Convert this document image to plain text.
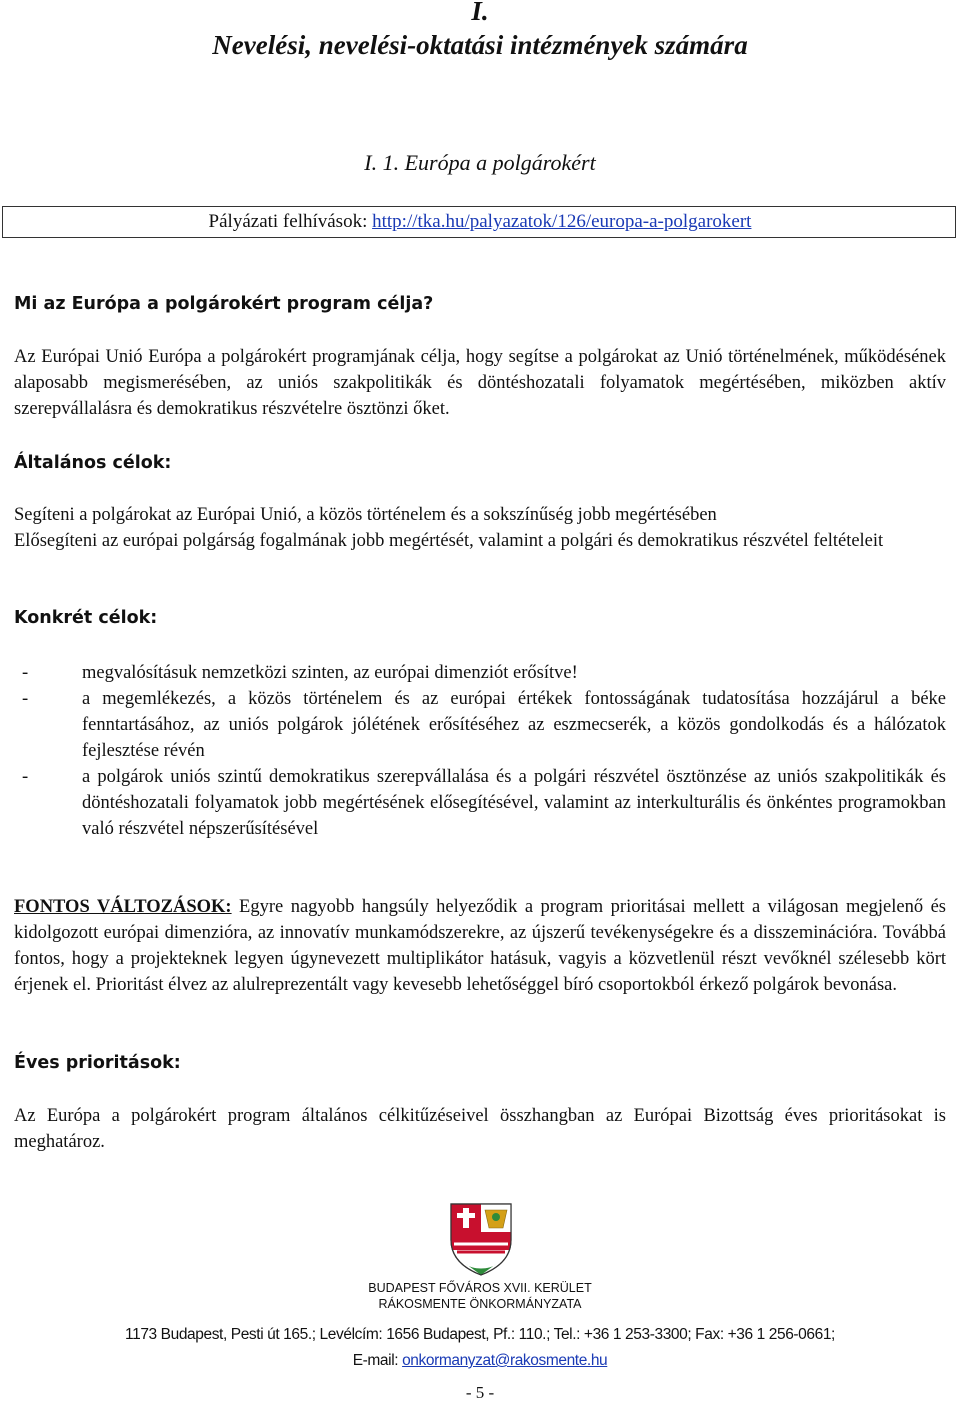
I.
Nevelési, nevelési-oktatási intézmények számára
I. 1. Európa a polgárokért
Pályázati felhívások: http://tka.hu/palyazatok/126/europa-a-polgarokert
Mi az Európa a polgárokért program célja?
Az Európai Unió Európa a polgárokért programjának célja, hogy segítse a polgárokat az Unió történelmének, működésének alaposabb megismerésében, az uniós szakpolitikák és döntéshozatali folyamatok megértésében, miközben aktív szerepvállalásra és demokratikus részvételre ösztönzi őket.
Általános célok:
Segíteni a polgárokat az Európai Unió, a közös történelem és a sokszínűség jobb megértésében
Elősegíteni az európai polgárság fogalmának jobb megértését, valamint a polgári és demokratikus részvétel feltételeit
Konkrét célok:
-	megvalósításuk nemzetközi szinten, az európai dimenziót erősítve!
-	a megemlékezés, a közös történelem és az európai értékek fontosságának tudatosítása hozzájárul a béke fenntartásához, az uniós polgárok jólétének erősítéséhez az eszmecserék, a közös gondolkodás és a hálózatok fejlesztése révén
-	a polgárok uniós szintű demokratikus szerepvállalása és a polgári részvétel ösztönzése az uniós szakpolitikák és döntéshozatali folyamatok jobb megértésének elősegítésével, valamint az interkulturális és önkéntes programokban való részvétel népszerűsítésével
FONTOS VÁLTOZÁSOK: Egyre nagyobb hangsúly helyeződik a program prioritásai mellett a világosan megjelenő és kidolgozott európai dimenzióra, az innovatív munkamódszerekre, az újszerű tevékenységekre és a disszeminációra. Továbbá fontos, hogy a projekteknek legyen úgynevezett multiplikátor hatásuk, vagyis a közvetlenül részt vevőknél szélesebb kört érjenek el. Prioritást élvez az alulreprezentált vagy kevesebb lehetőséggel bíró csoportokból érkező polgárok bevonása.
Éves prioritások:
Az Európa a polgárokért program általános célkitűzéseivel összhangban az Európai Bizottság éves prioritásokat is meghatároz.
BUDAPEST FŐVÁROS XVII. KERÜLET
RÁKOSMENTE ÖNKORMÁNYZATA
1173 Budapest, Pesti út 165.; Levélcím: 1656 Budapest, Pf.: 110.; Tel.: +36 1 253-3300; Fax: +36 1 256-0661;
E-mail: onkormanyzat@rakosmente.hu
- 5 -
